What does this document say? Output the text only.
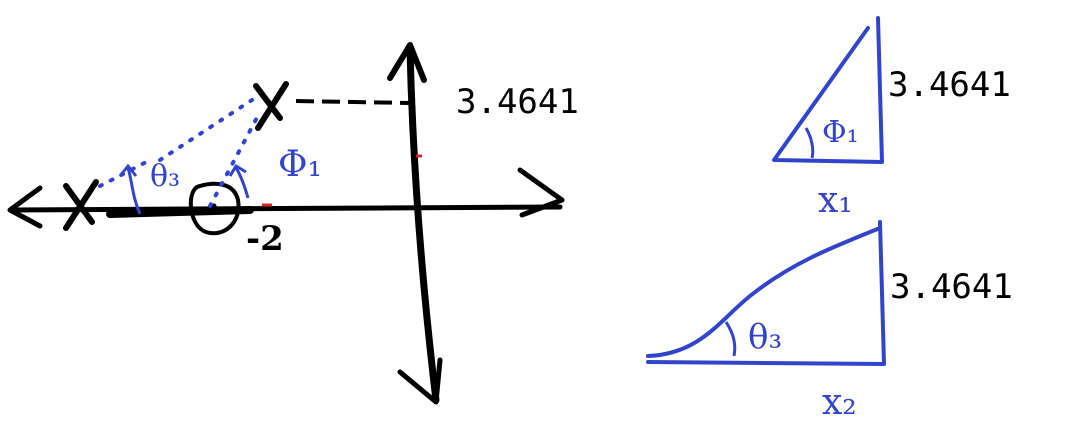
3.4641
-2
Φ₁
θ₃
3.4641
Φ₁
x₁
3.4641
θ₃
x₂
